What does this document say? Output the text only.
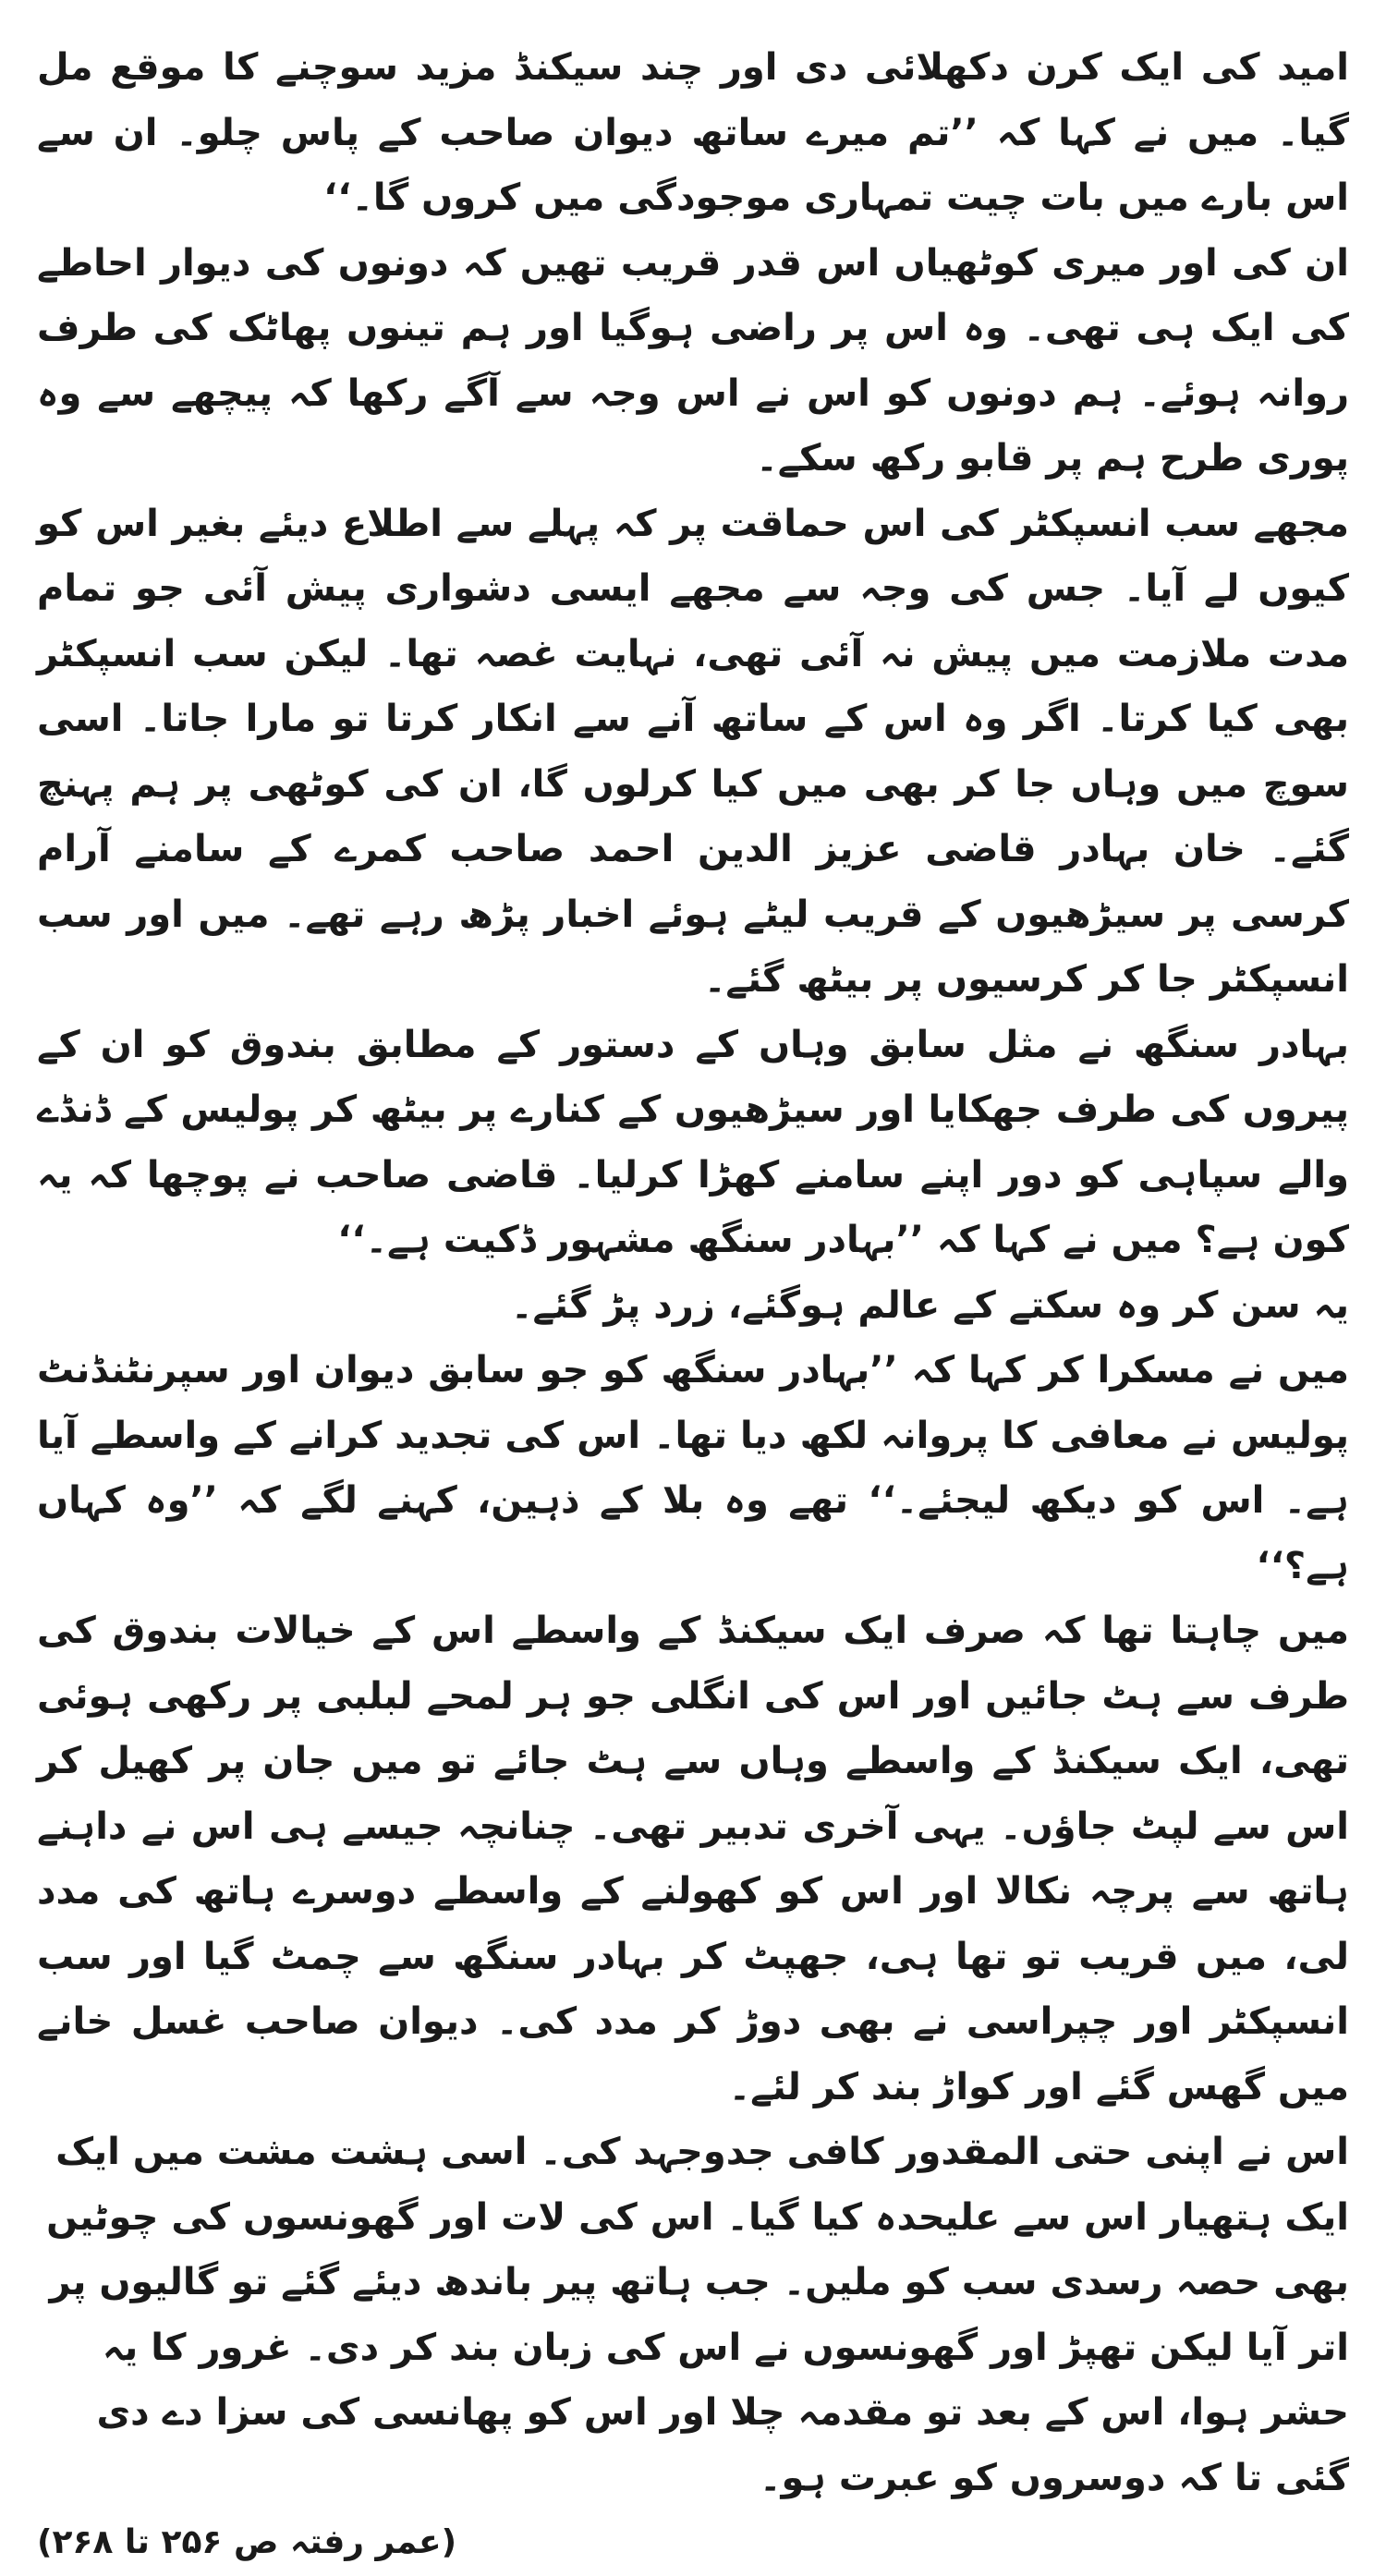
امید کی ایک کرن دکھلائی دی اور چند سیکنڈ مزید سوچنے کا موقع مل گیا۔ میں نے کہا کہ ’’تم میرے ساتھ دیوان صاحب کے پاس چلو۔ ان سے اس بارے میں بات چیت تمہاری موجودگی میں کروں گا۔‘‘

ان کی اور میری کوٹھیاں اس قدر قریب تھیں کہ دونوں کی دیوار احاطے کی ایک ہی تھی۔ وہ اس پر راضی ہوگیا اور ہم تینوں پھاٹک کی طرف روانہ ہوئے۔ ہم دونوں کو اس نے اس وجہ سے آگے رکھا کہ پیچھے سے وہ پوری طرح ہم پر قابو رکھ سکے۔

مجھے سب انسپکٹر کی اس حماقت پر کہ پہلے سے اطلاع دیئے بغیر اس کو کیوں لے آیا۔ جس کی وجہ سے مجھے ایسی دشواری پیش آئی جو تمام مدت ملازمت میں پیش نہ آئی تھی، نہایت غصہ تھا۔ لیکن سب انسپکٹر بھی کیا کرتا۔ اگر وہ اس کے ساتھ آنے سے انکار کرتا تو مارا جاتا۔ اسی سوچ میں وہاں جا کر بھی میں کیا کرلوں گا، ان کی کوٹھی پر ہم پہنچ گئے۔ خان بہادر قاضی عزیز الدین احمد صاحب کمرے کے سامنے آرام کرسی پر سیڑھیوں کے قریب لیٹے ہوئے اخبار پڑھ رہے تھے۔ میں اور سب انسپکٹر جا کر کرسیوں پر بیٹھ گئے۔

بہادر سنگھ نے مثل سابق وہاں کے دستور کے مطابق بندوق کو ان کے پیروں کی طرف جھکایا اور سیڑھیوں کے کنارے پر بیٹھ کر پولیس کے ڈنڈے والے سپاہی کو دور اپنے سامنے کھڑا کرلیا۔ قاضی صاحب نے پوچھا کہ یہ کون ہے؟ میں نے کہا کہ ’’بہادر سنگھ مشہور ڈکیت ہے۔‘‘

یہ سن کر وہ سکتے کے عالم ہوگئے، زرد پڑ گئے۔

میں نے مسکرا کر کہا کہ ’’بہادر سنگھ کو جو سابق دیوان اور سپرنٹنڈنٹ پولیس نے معافی کا پروانہ لکھ دیا تھا۔ اس کی تجدید کرانے کے واسطے آیا ہے۔ اس کو دیکھ لیجئے۔‘‘ تھے وہ بلا کے ذہین، کہنے لگے کہ ’’وہ کہاں ہے؟‘‘

میں چاہتا تھا کہ صرف ایک سیکنڈ کے واسطے اس کے خیالات بندوق کی طرف سے ہٹ جائیں اور اس کی انگلی جو ہر لمحے لبلبی پر رکھی ہوئی تھی، ایک سیکنڈ کے واسطے وہاں سے ہٹ جائے تو میں جان پر کھیل کر اس سے لپٹ جاؤں۔ یہی آخری تدبیر تھی۔ چنانچہ جیسے ہی اس نے داہنے ہاتھ سے پرچہ نکالا اور اس کو کھولنے کے واسطے دوسرے ہاتھ کی مدد لی، میں قریب تو تھا ہی، جھپٹ کر بہادر سنگھ سے چمٹ گیا اور سب انسپکٹر اور چپراسی نے بھی دوڑ کر مدد کی۔ دیوان صاحب غسل خانے میں گھس گئے اور کواڑ بند کر لئے۔

اس نے اپنی حتی المقدور کافی جدوجہد کی۔ اسی ہشت مشت میں ایک ایک ہتھیار اس سے علیحدہ کیا گیا۔ اس کی لات اور گھونسوں کی چوٹیں بھی حصہ رسدی سب کو ملیں۔ جب ہاتھ پیر باندھ دیئے گئے تو گالیوں پر اتر آیا لیکن تھپڑ اور گھونسوں نے اس کی زبان بند کر دی۔ غرور کا یہ حشر ہوا، اس کے بعد تو مقدمہ چلا اور اس کو پھانسی کی سزا دے دی گئی تا کہ دوسروں کو عبرت ہو۔

(عمر رفتہ ص ۲۵۶ تا ۲۶۸)
